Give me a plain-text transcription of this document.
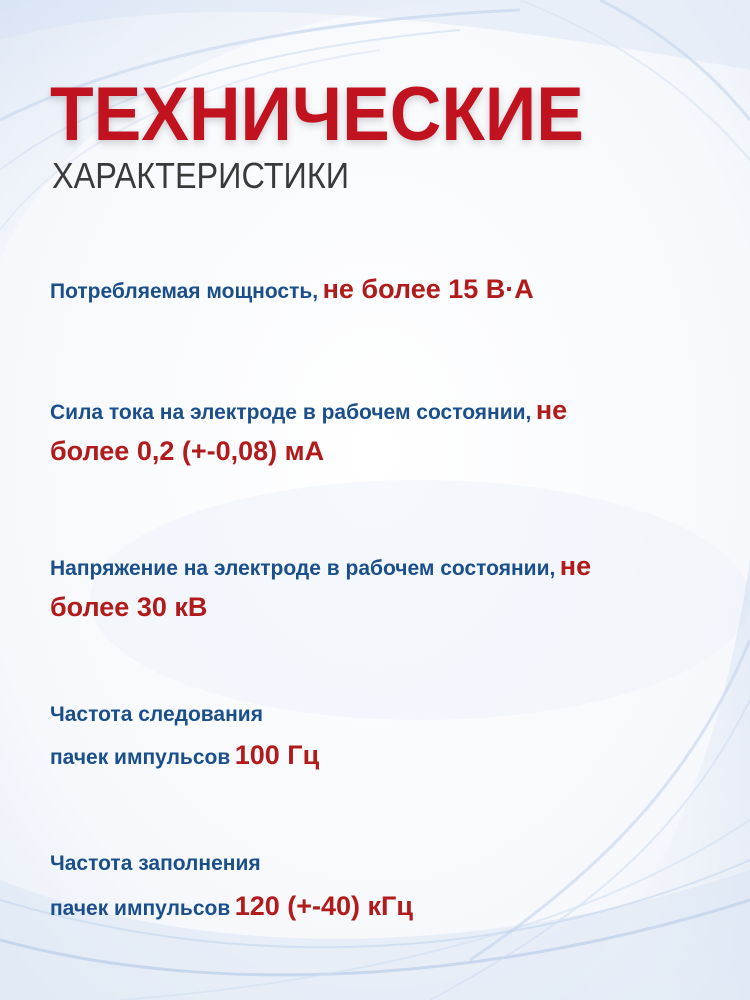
ТЕХНИЧЕСКИЕ
ХАРАКТЕРИСТИКИ
Потребляемая мощность, не более 15 В·А
Сила тока на электроде в рабочем состоянии, не
более 0,2 (+-0,08) мА
Напряжение на электроде в рабочем состоянии, не
более 30 кВ
Частота следования
пачек импульсов 100 Гц
Частота заполнения
пачек импульсов 120 (+-40) кГц
